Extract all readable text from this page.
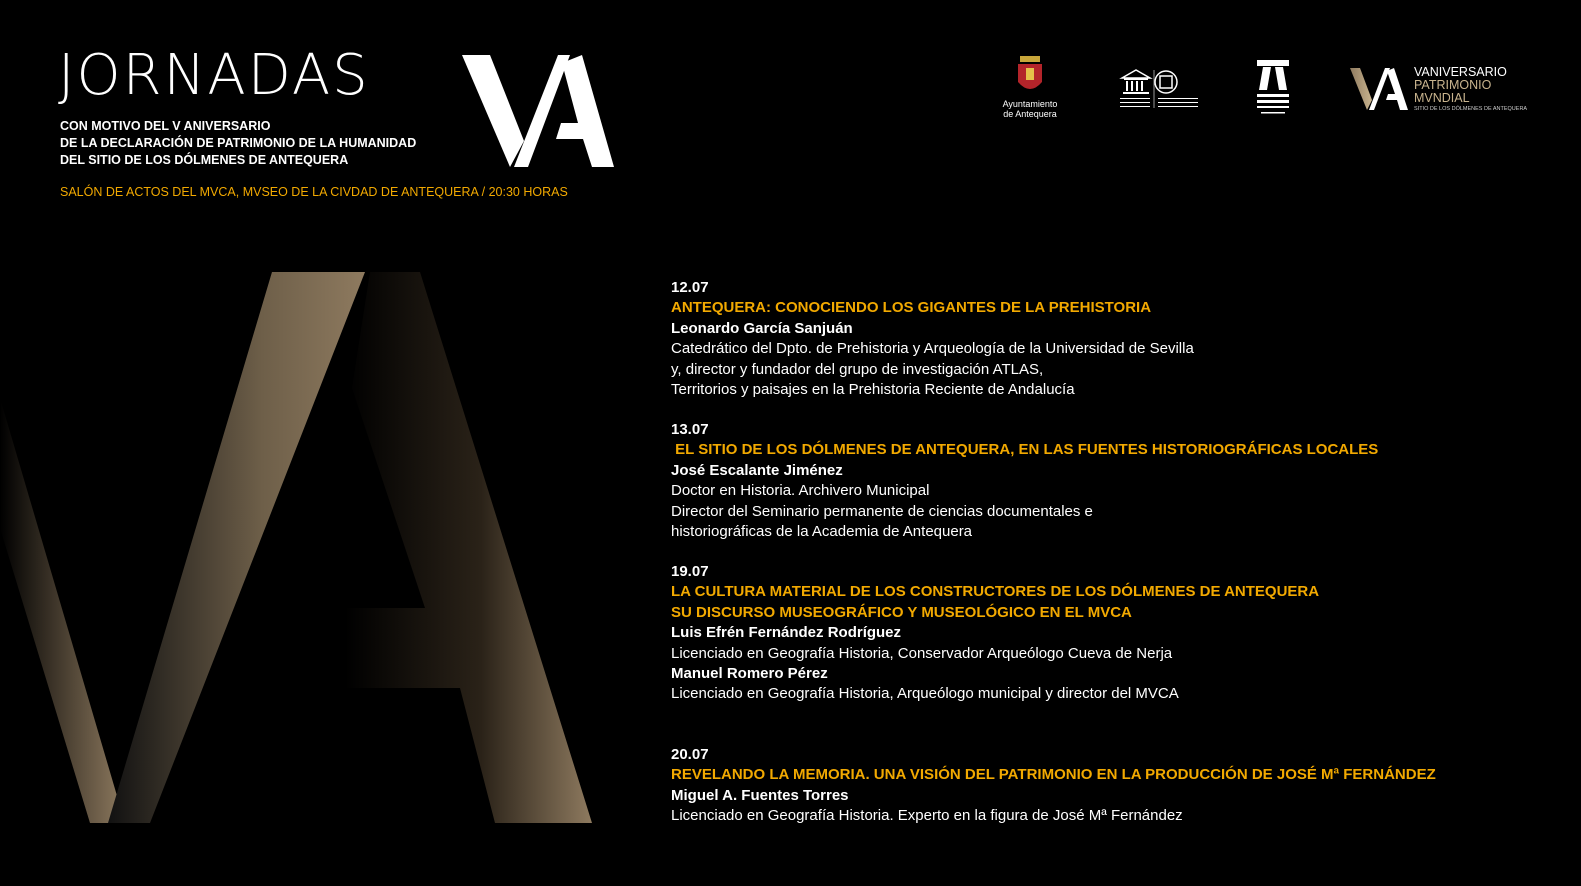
JORNADAS
CON MOTIVO DEL V ANIVERSARIO
DE LA DECLARACIÓN DE PATRIMONIO DE LA HUMANIDAD
DEL SITIO DE LOS DÓLMENES DE ANTEQUERA
SALÓN DE ACTOS DEL MVCA, MVSEO DE LA CIVDAD DE ANTEQUERA / 20:30 HORAS
Ayuntamiento
de Antequera
VANIVERSARIO
PATRIMONIO
MVNDIAL
SITIO DE LOS DÓLMENES DE ANTEQUERA
12.07
ANTEQUERA: CONOCIENDO LOS GIGANTES DE LA PREHISTORIA
Leonardo García Sanjuán
Catedrático del Dpto. de Prehistoria y Arqueología de la Universidad de Sevilla
y, director y fundador del grupo de investigación ATLAS,
Territorios y paisajes en la Prehistoria Reciente de Andalucía
13.07
EL SITIO DE LOS DÓLMENES DE ANTEQUERA, EN LAS FUENTES HISTORIOGRÁFICAS LOCALES
José Escalante Jiménez
Doctor en Historia. Archivero Municipal
Director del Seminario permanente de ciencias documentales e
historiográficas de la Academia de Antequera
19.07
LA CULTURA MATERIAL DE LOS CONSTRUCTORES DE LOS DÓLMENES DE ANTEQUERA
SU DISCURSO MUSEOGRÁFICO Y MUSEOLÓGICO EN EL MVCA
Luis Efrén Fernández Rodríguez
Licenciado en Geografía Historia, Conservador Arqueólogo Cueva de Nerja
Manuel Romero Pérez
Licenciado en Geografía Historia, Arqueólogo municipal y director del MVCA
20.07
REVELANDO LA MEMORIA. UNA VISIÓN DEL PATRIMONIO EN LA PRODUCCIÓN DE JOSÉ Mª FERNÁNDEZ
Miguel A. Fuentes Torres
Licenciado en Geografía Historia. Experto en la figura de José Mª Fernández
